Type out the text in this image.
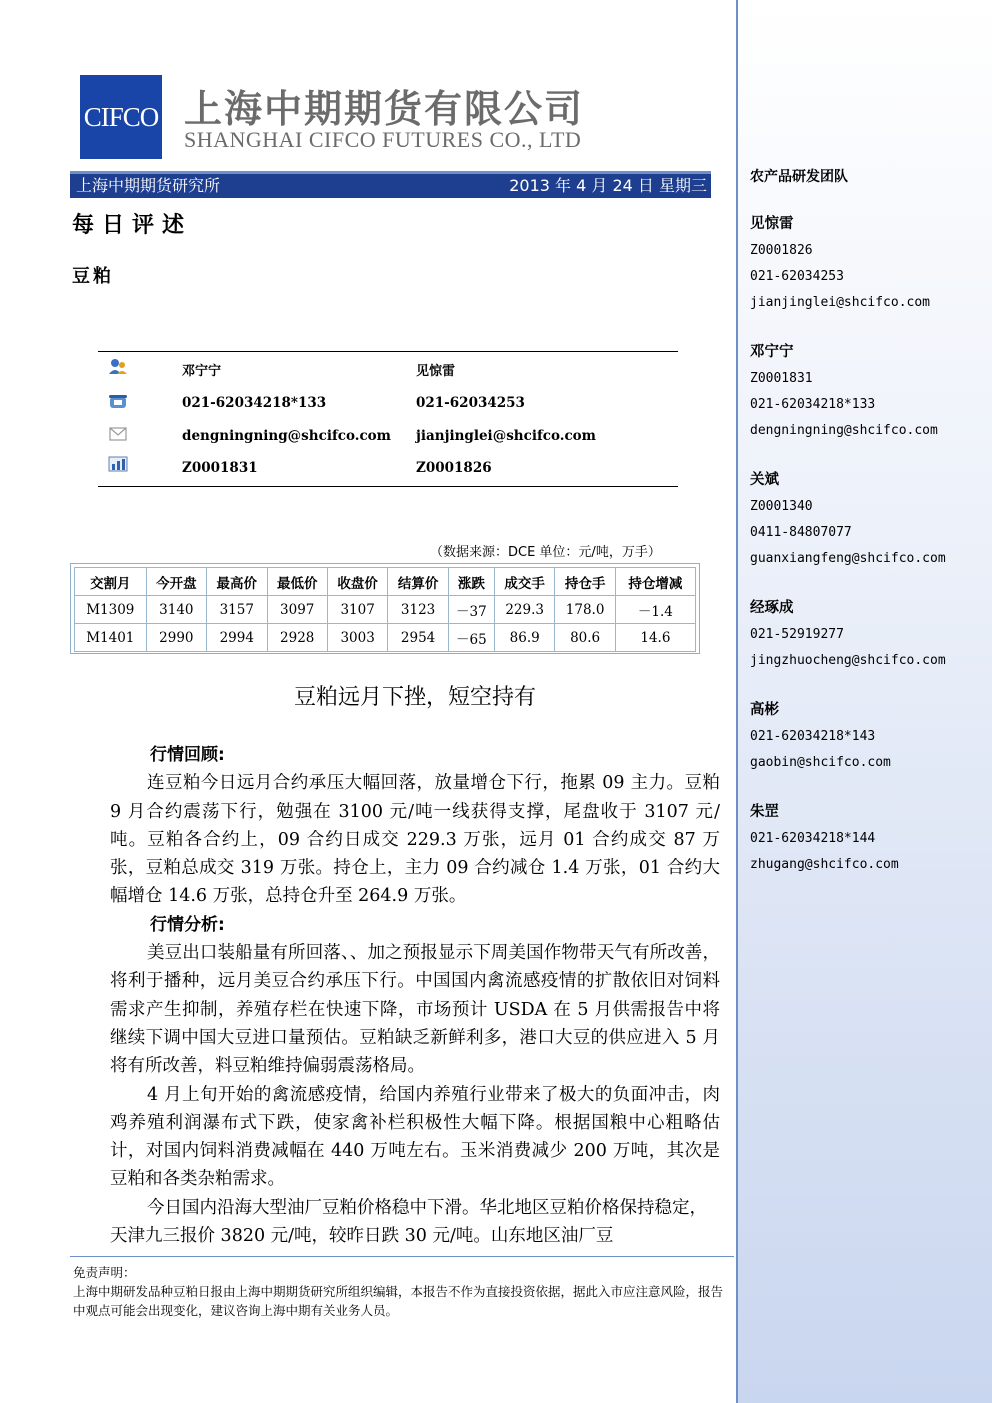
CIFCO 上海中期期货有限公司
SHANGHAI CIFCO FUTURES CO., LTD
上海中期期货研究所	2013 年 4 月 24 日 星期三
每日评述
豆粕
邓宁宁	见惊雷
021-62034218*133	021-62034253
dengningning@shcifco.com jianjinglei@shcifco.com
Z0001831	Z0001826
（数据来源：DCE 单位：元/吨，万手）
交割月	今开盘	最高价	最低价	收盘价	结算价	涨跌	成交手	持仓手	持仓增减
M1309	3140	3157	3097	3107	3123	－37	229.3	178.0	－1.4
M1401	2990	2994	2928	3003	2954	－65	86.9	80.6	14.6
豆粕远月下挫，短空持有
行情回顾:
连豆粕今日远月合约承压大幅回落，放量增仓下行，拖累 09 主力。豆粕 9 月合约震荡下行，勉强在 3100 元/吨一线获得支撑，尾盘收于 3107 元/吨。豆粕各合约上，09 合约日成交 229.3 万张，远月 01 合约成交 87 万张，豆粕总成交 319 万张。持仓上，主力 09 合约减仓 1.4 万张，01 合约大幅增仓 14.6 万张，总持仓升至 264.9 万张。
行情分析:
美豆出口装船量有所回落、、加之预报显示下周美国作物带天气有所改善，将利于播种，远月美豆合约承压下行。中国国内禽流感疫情的扩散依旧对饲料需求产生抑制，养殖存栏在快速下降，市场预计 USDA 在 5 月供需报告中将继续下调中国大豆进口量预估。豆粕缺乏新鲜利多，港口大豆的供应进入 5 月将有所改善，料豆粕维持偏弱震荡格局。
4 月上旬开始的禽流感疫情，给国内养殖行业带来了极大的负面冲击，肉鸡养殖利润瀑布式下跌，使家禽补栏积极性大幅下降。根据国粮中心粗略估计，对国内饲料消费减幅在 440 万吨左右。玉米消费减少 200 万吨，其次是豆粕和各类杂粕需求。
今日国内沿海大型油厂豆粕价格稳中下滑。华北地区豆粕价格保持稳定，天津九三报价 3820 元/吨，较昨日跌 30 元/吨。山东地区油厂豆
免责声明：
上海中期研发品种豆粕日报由上海中期期货研究所组织编辑，本报告不作为直接投资依据，据此入市应注意风险，报告中观点可能会出现变化，建议咨询上海中期有关业务人员。
农产品研发团队
见惊雷
Z0001826
021-62034253
jianjinglei@shcifco.com
邓宁宁
Z0001831
021-62034218*133
dengningning@shcifco.com
关斌
Z0001340
0411-84807077
guanxiangfeng@shcifco.com
经琢成
021-52919277
jingzhuocheng@shcifco.com
高彬
021-62034218*143
gaobin@shcifco.com
朱罡
021-62034218*144
zhugang@shcifco.com
